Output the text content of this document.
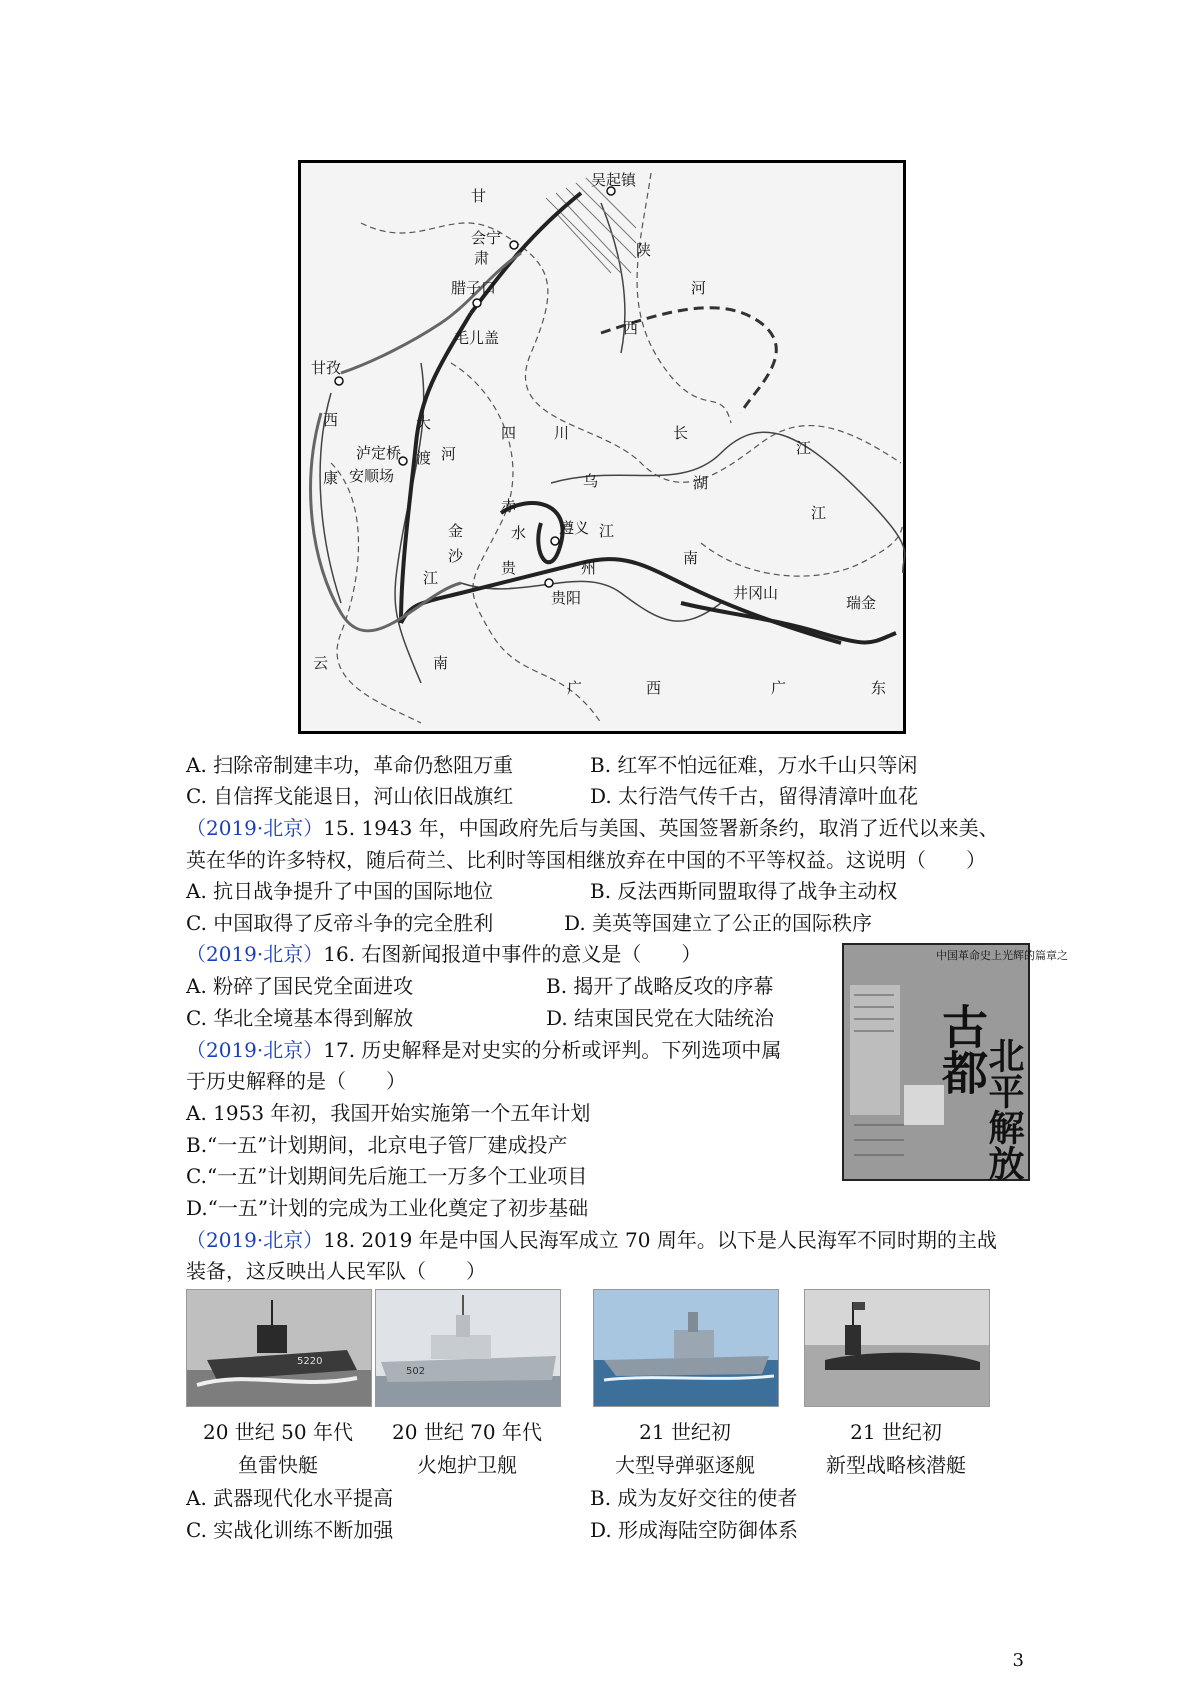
吴起镇
甘
会宁
肃	陕
河
腊子口
西
毛儿盖
甘孜
西
康
泸定桥
安顺场
大
渡 河
四	川	长
乌	湖
江
江
赤
水 遵义 江
金
沙
江
贵	州
贵阳
南
井冈山
瑞金
云	南
广	西	广	东
A. 扫除帝制建丰功，革命仍愁阻万重	B. 红军不怕远征难，万水千山只等闲
C. 自信挥戈能退日，河山依旧战旗红	D. 太行浩气传千古，留得清漳叶血花
（2019·北京）15. 1943 年，中国政府先后与美国、英国签署新条约，取消了近代以来美、
英在华的许多特权，随后荷兰、比利时等国相继放弃在中国的不平等权益。这说明（　　）
A. 抗日战争提升了中国的国际地位	B. 反法西斯同盟取得了战争主动权
C. 中国取得了反帝斗争的完全胜利	D. 美英等国建立了公正的国际秩序
（2019·北京）16. 右图新闻报道中事件的意义是（　　）
A. 粉碎了国民党全面进攻	B. 揭开了战略反攻的序幕
C. 华北全境基本得到解放	D. 结束国民党在大陆统治
中国革命史上光辉的篇章之
古都
北平解放
（2019·北京）17. 历史解释是对史实的分析或评判。下列选项中属
于历史解释的是（　　）
A. 1953 年初，我国开始实施第一个五年计划
B.“一五”计划期间，北京电子管厂建成投产
C.“一五”计划期间先后施工一万多个工业项目
D.“一五”计划的完成为工业化奠定了初步基础
（2019·北京）18. 2019 年是中国人民海军成立 70 周年。以下是人民海军不同时期的主战
装备，这反映出人民军队（　　）
5220
502
20 世纪 50 年代
鱼雷快艇
20 世纪 70 年代
火炮护卫舰
21 世纪初
大型导弹驱逐舰
21 世纪初
新型战略核潜艇
A. 武器现代化水平提高	B. 成为友好交往的使者
C. 实战化训练不断加强	D. 形成海陆空防御体系
3
